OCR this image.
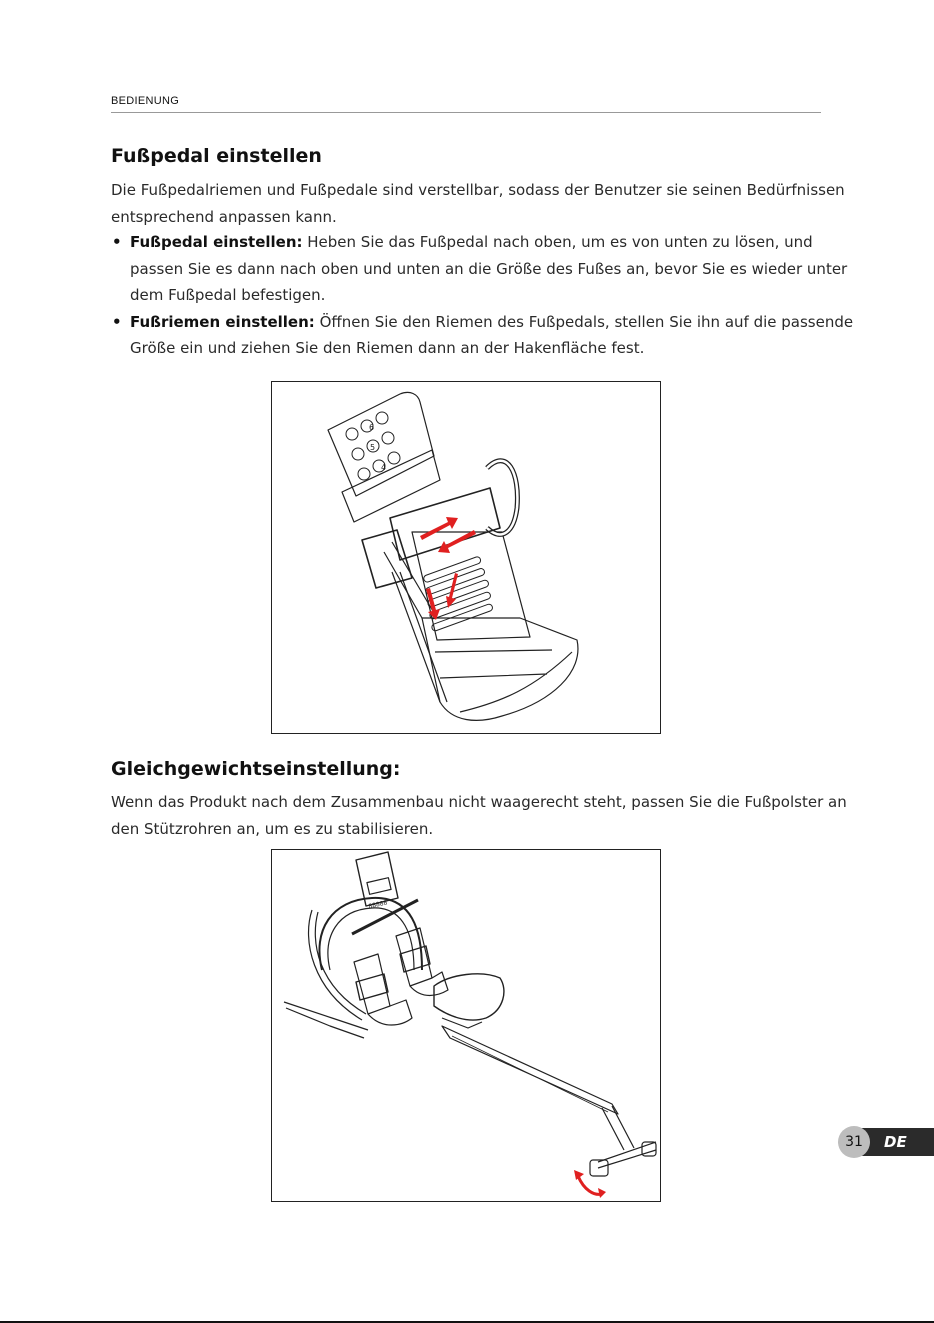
BEDIENUNG
Fußpedal einstellen

Die Fußpedalriemen und Fußpedale sind verstellbar, sodass der Benutzer sie seinen Bedürfnissen entsprechend anpassen kann.

• Fußpedal einstellen: Heben Sie das Fußpedal nach oben, um es von unten zu lösen, und passen Sie es dann nach oben und unten an die Größe des Fußes an, bevor Sie es wieder unter dem Fußpedal befestigen.
• Fußriemen einstellen: Öffnen Sie den Riemen des Fußpedals, stellen Sie ihn auf die passende Größe ein und ziehen Sie den Riemen dann an der Hakenfläche fest.
6
5
4
Gleichgewichtseinstellung:

Wenn das Produkt nach dem Zusammenbau nicht waagerecht steht, passen Sie die Fußpolster an den Stützrohren an, um es zu stabilisieren.

88888
31	DE
